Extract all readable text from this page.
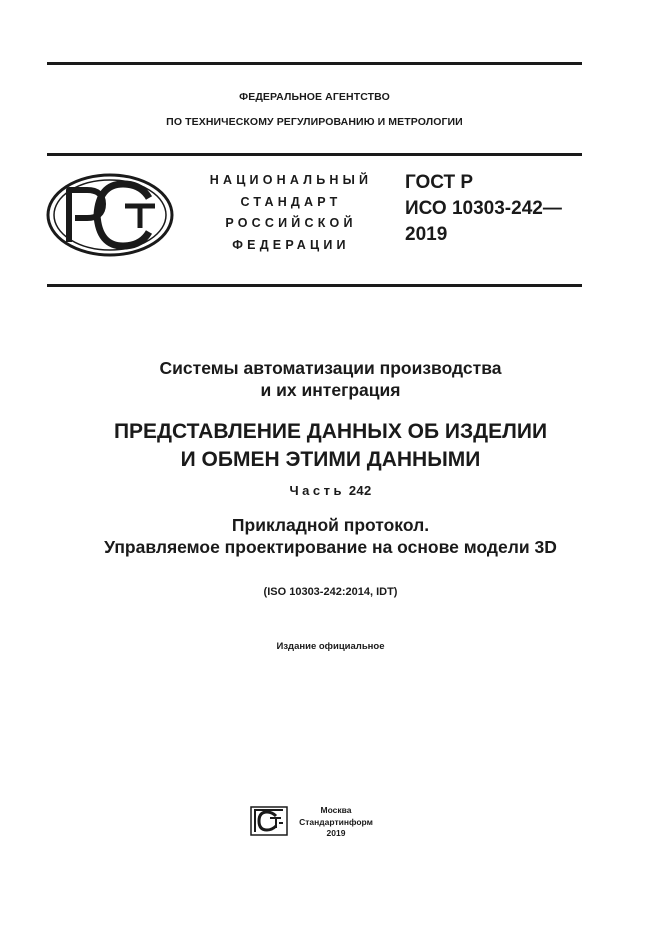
ФЕДЕРАЛЬНОЕ АГЕНТСТВО
ПО ТЕХНИЧЕСКОМУ РЕГУЛИРОВАНИЮ И МЕТРОЛОГИИ
НАЦИОНАЛЬНЫЙ
СТАНДАРТ
РОССИЙСКОЙ
ФЕДЕРАЦИИ
ГОСТ Р
ИСО 10303-242—
2019
Системы автоматизации производства
и их интеграция
ПРЕДСТАВЛЕНИЕ ДАННЫХ ОБ ИЗДЕЛИИ
И ОБМЕН ЭТИМИ ДАННЫМИ
Часть 242
Прикладной протокол.
Управляемое проектирование на основе модели 3D
(ISO 10303-242:2014, IDT)
Издание официальное
Москва
Стандартинформ
2019
